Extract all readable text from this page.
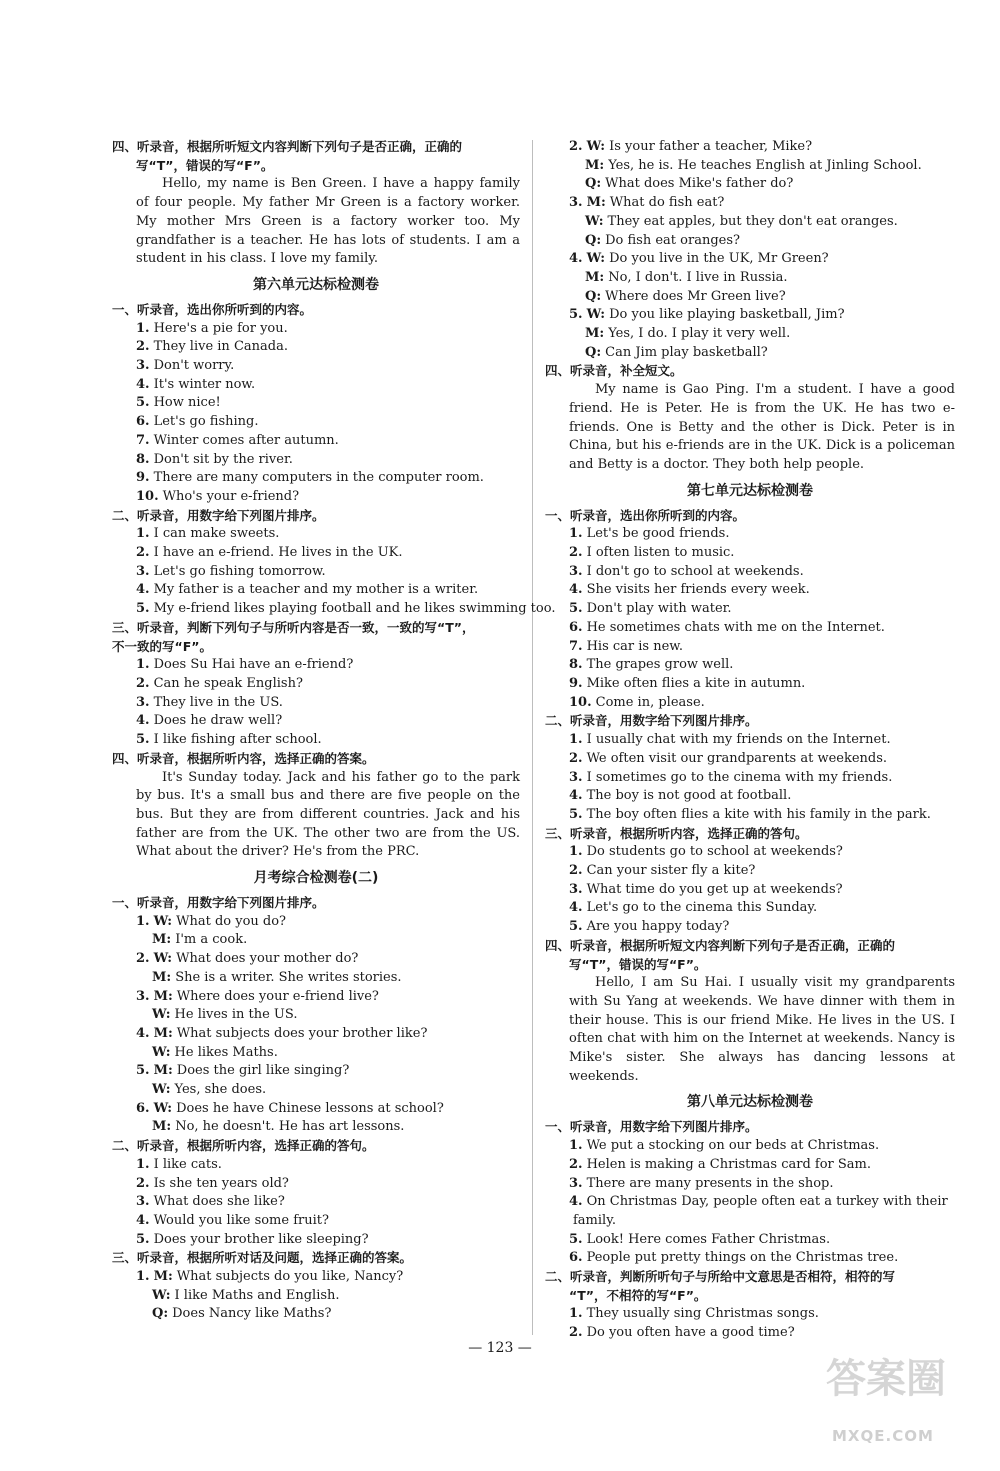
四、听录音，根据所听短文内容判断下列句子是否正确，正确的
写“T”，错误的写“F”。
Hello, my name is Ben Green. I have a happy family of four people. My father Mr Green is a factory worker. My mother Mrs Green is a factory worker too. My grandfather is a teacher. He has lots of students. I am a student in his class. I love my family.
第六单元达标检测卷
一、听录音，选出你所听到的内容。
1. Here's a pie for you.
2. They live in Canada.
3. Don't worry.
4. It's winter now.
5. How nice!
6. Let's go fishing.
7. Winter comes after autumn.
8. Don't sit by the river.
9. There are many computers in the computer room.
10. Who's your e-friend?
二、听录音，用数字给下列图片排序。
1. I can make sweets.
2. I have an e-friend. He lives in the UK.
3. Let's go fishing tomorrow.
4. My father is a teacher and my mother is a writer.
5. My e-friend likes playing football and he likes swimming too.
三、听录音，判断下列句子与所听内容是否一致，一致的写“T”，
不一致的写“F”。
1. Does Su Hai have an e-friend?
2. Can he speak English?
3. They live in the US.
4. Does he draw well?
5. I like fishing after school.
四、听录音，根据所听内容，选择正确的答案。
It's Sunday today. Jack and his father go to the park by bus. It's a small bus and there are five people on the bus. But they are from different countries. Jack and his father are from the UK. The other two are from the US. What about the driver? He's from the PRC.
月考综合检测卷(二)
一、听录音，用数字给下列图片排序。
1. W: What do you do?
M: I'm a cook.
2. W: What does your mother do?
M: She is a writer. She writes stories.
3. M: Where does your e-friend live?
W: He lives in the US.
4. M: What subjects does your brother like?
W: He likes Maths.
5. M: Does the girl like singing?
W: Yes, she does.
6. W: Does he have Chinese lessons at school?
M: No, he doesn't. He has art lessons.
二、听录音，根据所听内容，选择正确的答句。
1. I like cats.
2. Is she ten years old?
3. What does she like?
4. Would you like some fruit?
5. Does your brother like sleeping?
三、听录音，根据所听对话及问题，选择正确的答案。
1. M: What subjects do you like, Nancy?
W: I like Maths and English.
Q: Does Nancy like Maths?
2. W: Is your father a teacher, Mike?
M: Yes, he is. He teaches English at Jinling School.
Q: What does Mike's father do?
3. M: What do fish eat?
W: They eat apples, but they don't eat oranges.
Q: Do fish eat oranges?
4. W: Do you live in the UK, Mr Green?
M: No, I don't. I live in Russia.
Q: Where does Mr Green live?
5. W: Do you like playing basketball, Jim?
M: Yes, I do. I play it very well.
Q: Can Jim play basketball?
四、听录音，补全短文。
My name is Gao Ping. I'm a student. I have a good friend. He is Peter. He is from the UK. He has two e-friends. One is Betty and the other is Dick. Peter is in China, but his e-friends are in the UK. Dick is a policeman and Betty is a doctor. They both help people.
第七单元达标检测卷
一、听录音，选出你所听到的内容。
1. Let's be good friends.
2. I often listen to music.
3. I don't go to school at weekends.
4. She visits her friends every week.
5. Don't play with water.
6. He sometimes chats with me on the Internet.
7. His car is new.
8. The grapes grow well.
9. Mike often flies a kite in autumn.
10. Come in, please.
二、听录音，用数字给下列图片排序。
1. I usually chat with my friends on the Internet.
2. We often visit our grandparents at weekends.
3. I sometimes go to the cinema with my friends.
4. The boy is not good at football.
5. The boy often flies a kite with his family in the park.
三、听录音，根据所听内容，选择正确的答句。
1. Do students go to school at weekends?
2. Can your sister fly a kite?
3. What time do you get up at weekends?
4. Let's go to the cinema this Sunday.
5. Are you happy today?
四、听录音，根据所听短文内容判断下列句子是否正确，正确的
写“T”，错误的写“F”。
Hello, I am Su Hai. I usually visit my grandparents with Su Yang at weekends. We have dinner with them in their house. This is our friend Mike. He lives in the US. I often chat with him on the Internet at weekends. Nancy is Mike's sister. She always has dancing lessons at weekends.
第八单元达标检测卷
一、听录音，用数字给下列图片排序。
1. We put a stocking on our beds at Christmas.
2. Helen is making a Christmas card for Sam.
3. There are many presents in the shop.
4. On Christmas Day, people often eat a turkey with their
family.
5. Look! Here comes Father Christmas.
6. People put pretty things on the Christmas tree.
二、听录音，判断所听句子与所给中文意思是否相符，相符的写
“T”，不相符的写“F”。
1. They usually sing Christmas songs.
2. Do you often have a good time?
— 123 —
答案圈
MXQE.COM
